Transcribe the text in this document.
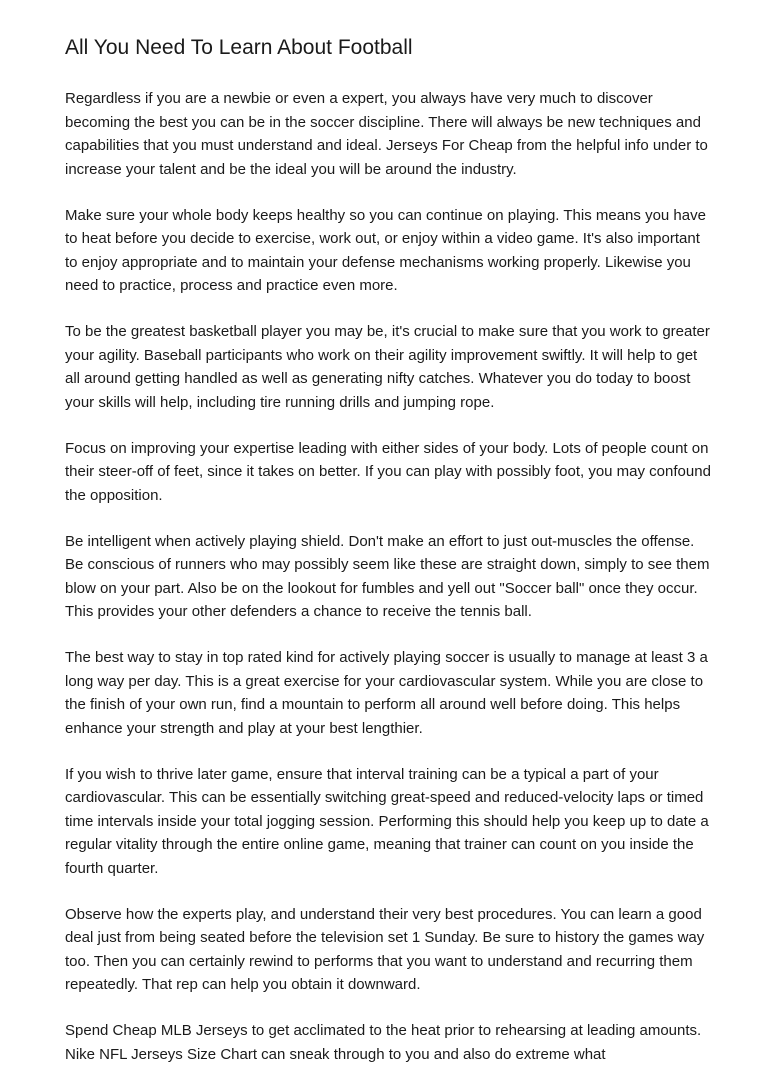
All You Need To Learn About Football

Regardless if you are a newbie or even a expert, you always have very much to discover becoming the best you can be in the soccer discipline. There will always be new techniques and capabilities that you must understand and ideal. Jerseys For Cheap from the helpful info under to increase your talent and be the ideal you will be around the industry.

Make sure your whole body keeps healthy so you can continue on playing. This means you have to heat before you decide to exercise, work out, or enjoy within a video game. It's also important to enjoy appropriate and to maintain your defense mechanisms working properly. Likewise you need to practice, process and practice even more.

To be the greatest basketball player you may be, it's crucial to make sure that you work to greater your agility. Baseball participants who work on their agility improvement swiftly. It will help to get all around getting handled as well as generating nifty catches. Whatever you do today to boost your skills will help, including tire running drills and jumping rope.

Focus on improving your expertise leading with either sides of your body. Lots of people count on their steer-off of feet, since it takes on better. If you can play with possibly foot, you may confound the opposition.

Be intelligent when actively playing shield. Don't make an effort to just out-muscles the offense. Be conscious of runners who may possibly seem like these are straight down, simply to see them blow on your part. Also be on the lookout for fumbles and yell out "Soccer ball" once they occur. This provides your other defenders a chance to receive the tennis ball.

The best way to stay in top rated kind for actively playing soccer is usually to manage at least 3 a long way per day. This is a great exercise for your cardiovascular system. While you are close to the finish of your own run, find a mountain to perform all around well before doing. This helps enhance your strength and play at your best lengthier.

If you wish to thrive later game, ensure that interval training can be a typical a part of your cardiovascular. This can be essentially switching great-speed and reduced-velocity laps or timed time intervals inside your total jogging session. Performing this should help you keep up to date a regular vitality through the entire online game, meaning that trainer can count on you inside the fourth quarter.

Observe how the experts play, and understand their very best procedures. You can learn a good deal just from being seated before the television set 1 Sunday. Be sure to history the games way too. Then you can certainly rewind to performs that you want to understand and recurring them repeatedly. That rep can help you obtain it downward.

Spend Cheap MLB Jerseys to get acclimated to the heat prior to rehearsing at leading amounts. Nike NFL Jerseys Size Chart can sneak through to you and also do extreme what
